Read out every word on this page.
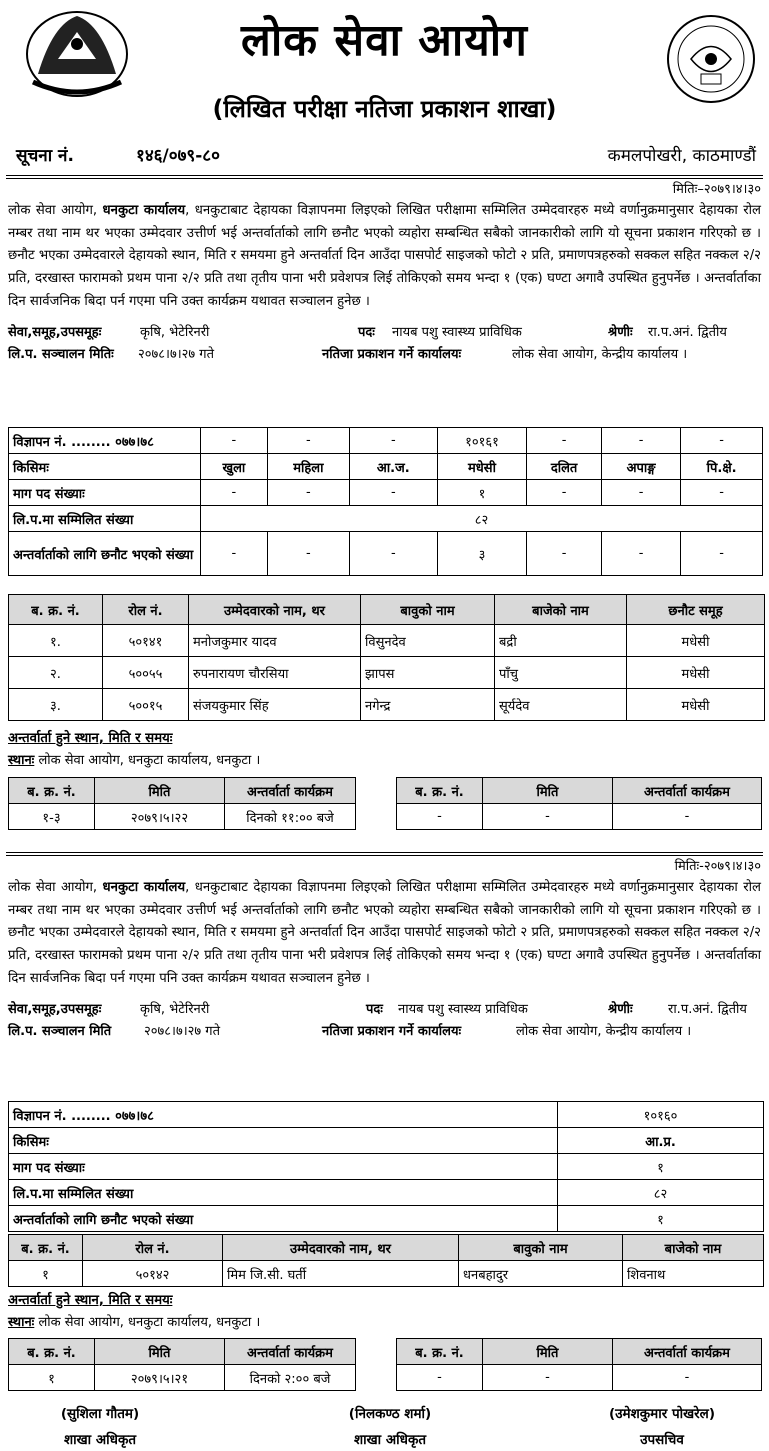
लोक सेवा आयोग
(लिखित परीक्षा नतिजा प्रकाशन शाखा)
सूचना नं.	१४६/०७९-८०	कमलपोखरी, काठमाण्डौं
मितिः–२०७९।४।३०
लोक सेवा आयोग, धनकुटा कार्यालय, धनकुटाबाट देहायका विज्ञापनमा लिइएको लिखित परीक्षामा सम्मिलित उम्मेदवारहरु मध्ये वर्णानुक्रमानुसार देहायका रोल नम्बर तथा नाम थर भएका उम्मेदवार उत्तीर्ण भई अन्तर्वार्ताको लागि छनौट भएको व्यहोरा सम्बन्धित सबैको जानकारीको लागि यो सूचना प्रकाशन गरिएको छ । छनौट भएका उम्मेदवारले देहायको स्थान, मिति र समयमा हुने अन्तर्वार्ता दिन आउँदा पासपोर्ट साइजको फोटो २ प्रति, प्रमाणपत्रहरुको सक्कल सहित नक्कल २/२ प्रति, दरखास्त फारामको प्रथम पाना २/२ प्रति तथा तृतीय पाना भरी प्रवेशपत्र लिई तोकिएको समय भन्दा १ (एक) घण्टा अगावै उपस्थित हुनुपर्नेछ । अन्तर्वार्ताका दिन सार्वजनिक बिदा पर्न गएमा पनि उक्त कार्यक्रम यथावत सञ्चालन हुनेछ ।
सेवा,समूह,उपसमूहः	कृषि, भेटेरिनरी	पदः नायब पशु स्वास्थ्य प्राविधिक	श्रेणीः रा.प.अनं. द्वितीय
लि.प. सञ्चालन मितिः २०७८।७।२७ गते	नतिजा प्रकाशन गर्ने कार्यालयः	लोक सेवा आयोग, केन्द्रीय कार्यालय ।
विज्ञापन नं. ........ ०७७।७८	-	-	-	१०१६१	-	-	-
किसिमः	खुला	महिला	आ.ज.	मधेसी	दलित	अपाङ्ग	पि.क्षे.
माग पद संख्याः	-	-	-	१	-	-	-
लि.प.मा सम्मिलित संख्या	८२						
अन्तर्वार्ताको लागि छनौट भएको संख्या	-	-	-	३	-	-	-
ब. क्र. नं.	रोल नं.	उम्मेदवारको नाम, थर	बावुको नाम	बाजेको नाम	छनौट समूह
१.	५०१४१	मनोजकुमार यादव	विसुनदेव	बद्री	मधेसी
२.	५००५५	रुपनारायण चौरसिया	झापस	पाँचु	मधेसी
३.	५००१५	संजयकुमार सिंह	नगेन्द्र	सूर्यदेव	मधेसी
अन्तर्वार्ता हुने स्थान, मिति र समयः
स्थानः लोक सेवा आयोग, धनकुटा कार्यालय, धनकुटा ।
ब. क्र. नं.	मिति	अन्तर्वार्ता कार्यक्रम
१-३	२०७९।५।२२	दिनको ११:०० बजे
ब. क्र. नं.	मिति	अन्तर्वार्ता कार्यक्रम
-	-	-
मितिः-२०७९।४।३०
लोक सेवा आयोग, धनकुटा कार्यालय, धनकुटाबाट देहायका विज्ञापनमा लिइएको लिखित परीक्षामा सम्मिलित उम्मेदवारहरु मध्ये वर्णानुक्रमानुसार देहायका रोल नम्बर तथा नाम थर भएका उम्मेदवार उत्तीर्ण भई अन्तर्वार्ताको लागि छनौट भएको व्यहोरा सम्बन्धित सबैको जानकारीको लागि यो सूचना प्रकाशन गरिएको छ । छनौट भएका उम्मेदवारले देहायको स्थान, मिति र समयमा हुने अन्तर्वार्ता दिन आउँदा पासपोर्ट साइजको फोटो २ प्रति, प्रमाणपत्रहरुको सक्कल सहित नक्कल २/२ प्रति, दरखास्त फारामको प्रथम पाना २/२ प्रति तथा तृतीय पाना भरी प्रवेशपत्र लिई तोकिएको समय भन्दा १ (एक) घण्टा अगावै उपस्थित हुनुपर्नेछ । अन्तर्वार्ताका दिन सार्वजनिक बिदा पर्न गएमा पनि उक्त कार्यक्रम यथावत सञ्चालन हुनेछ ।
सेवा,समूह,उपसमूहः	कृषि, भेटेरिनरी	पदः नायब पशु स्वास्थ्य प्राविधिक	श्रेणीः	रा.प.अनं. द्वितीय
लि.प. सञ्चालन मिति	२०७८।७।२७ गते	नतिजा प्रकाशन गर्ने कार्यालयः	लोक सेवा आयोग, केन्द्रीय कार्यालय ।
विज्ञापन नं. ........ ०७७।७८	१०१६०
किसिमः	आ.प्र.
माग पद संख्याः	१
लि.प.मा सम्मिलित संख्या	८२
अन्तर्वार्ताको लागि छनौट भएको संख्या	१
ब. क्र. नं.	रोल नं.	उम्मेदवारको नाम, थर	बावुको नाम	बाजेको नाम
१	५०१४२	मिम जि.सी. घर्ती	धनबहादुर	शिवनाथ
अन्तर्वार्ता हुने स्थान, मिति र समयः
स्थानः लोक सेवा आयोग, धनकुटा कार्यालय, धनकुटा ।
ब. क्र. नं.	मिति	अन्तर्वार्ता कार्यक्रम
१	२०७९।५।२१	दिनको २:०० बजे
ब. क्र. नं.	मिति	अन्तर्वार्ता कार्यक्रम
-	-	-
(सुशिला गौतम)
शाखा अधिकृत
(निलकण्ठ शर्मा)
शाखा अधिकृत
(उमेशकुमार पोखरेल)
उपसचिव
